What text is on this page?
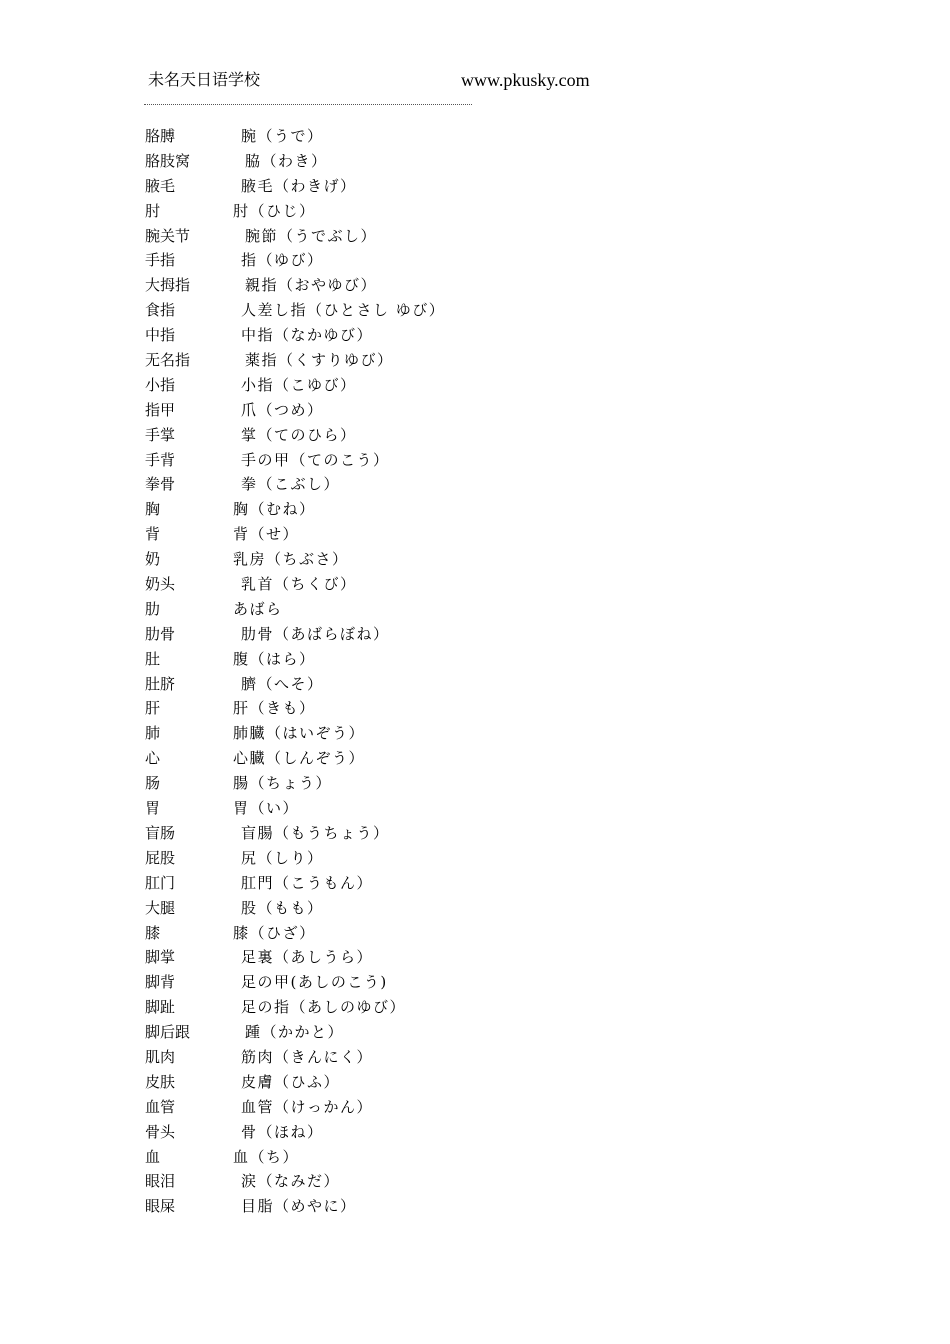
未名天日语学校	www.pkusky.com
胳膊	腕（うで）
胳肢窝	脇（わき）
腋毛	腋毛（わきげ）
肘	肘（ひじ）
腕关节	腕節（うでぶし）
手指	指（ゆび）
大拇指	親指（おやゆび）
食指	人差し指（ひとさし ゆび）
中指	中指（なかゆび）
无名指	薬指（くすりゆび）
小指	小指（こゆび）
指甲	爪（つめ）
手掌	掌（てのひら）
手背	手の甲（てのこう）
拳骨	拳（こぶし）
胸	胸（むね）
背	背（せ）
奶	乳房（ちぶさ）
奶头	乳首（ちくび）
肋	あばら
肋骨	肋骨（あばらぼね）
肚	腹（はら）
肚脐	臍（へそ）
肝	肝（きも）
肺	肺臓（はいぞう）
心	心臓（しんぞう）
肠	腸（ちょう）
胃	胃（い）
盲肠	盲腸（もうちょう）
屁股	尻（しり）
肛门	肛門（こうもん）
大腿	股（もも）
膝	膝（ひざ）
脚掌	足裏（あしうら）
脚背	足の甲(あしのこう)
脚趾	足の指（あしのゆび）
脚后跟	踵（かかと）
肌肉	筋肉（きんにく）
皮肤	皮膚（ひふ）
血管	血管（けっかん）
骨头	骨（ほね）
血	血（ち）
眼泪	涙（なみだ）
眼屎	目脂（めやに）
